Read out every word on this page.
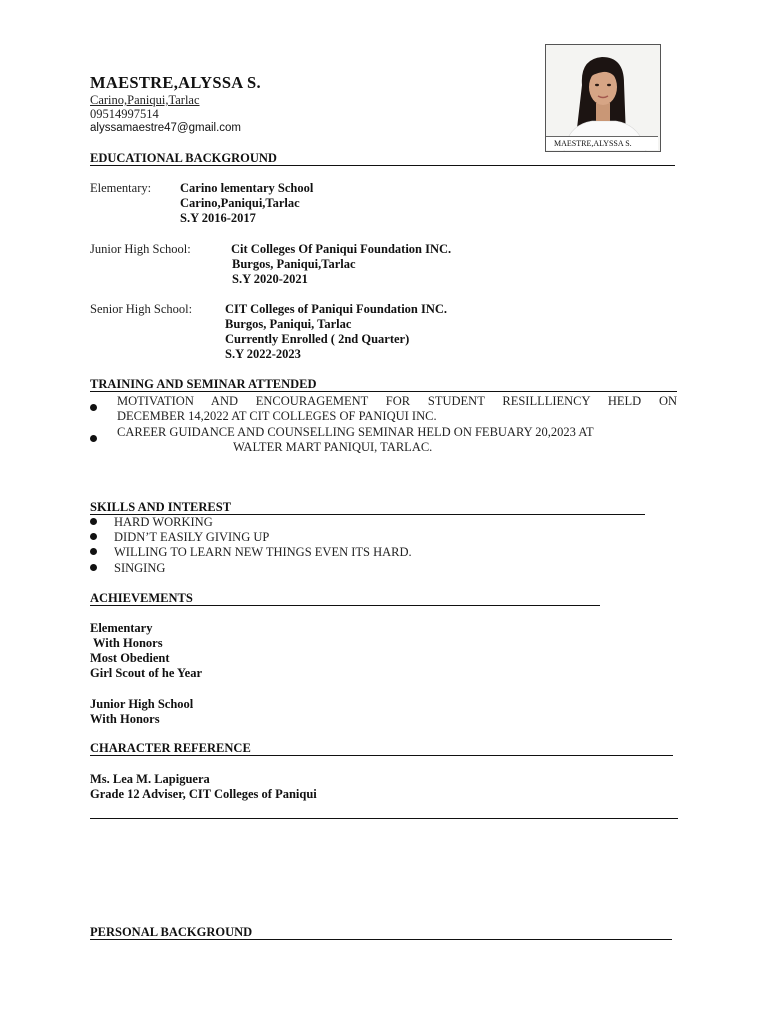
MAESTRE,ALYSSA S.
Carino,Paniqui,Tarlac
09514997514
alyssamaestre47@gmail.com
MAESTRE,ALYSSA S.
EDUCATIONAL BACKGROUND
Elementary: Carino lementary School
Carino,Paniqui,Tarlac
S.Y 2016-2017
Junior High School:	Cit Colleges Of Paniqui Foundation INC.
Burgos, Paniqui,Tarlac
S.Y 2020-2021
Senior High School:	CIT Colleges of Paniqui Foundation INC.
Burgos, Paniqui, Tarlac
Currently Enrolled ( 2nd Quarter)
S.Y 2022-2023
TRAINING AND SEMINAR ATTENDED
MOTIVATION AND ENCOURAGEMENT FOR STUDENT RESILLLIENCY HELD ON
DECEMBER 14,2022 AT CIT COLLEGES OF PANIQUI INC.
CAREER GUIDANCE AND COUNSELLING SEMINAR HELD ON FEBUARY 20,2023 AT
WALTER MART PANIQUI, TARLAC.
SKILLS AND INTEREST
HARD WORKING
DIDN’T EASILY GIVING UP
WILLING TO LEARN NEW THINGS EVEN ITS HARD.
SINGING
ACHIEVEMENTS
Elementary
With Honors
Most Obedient
Girl Scout of he Year
Junior High School
With Honors
CHARACTER REFERENCE
Ms. Lea M. Lapiguera
Grade 12 Adviser, CIT Colleges of Paniqui
PERSONAL BACKGROUND
